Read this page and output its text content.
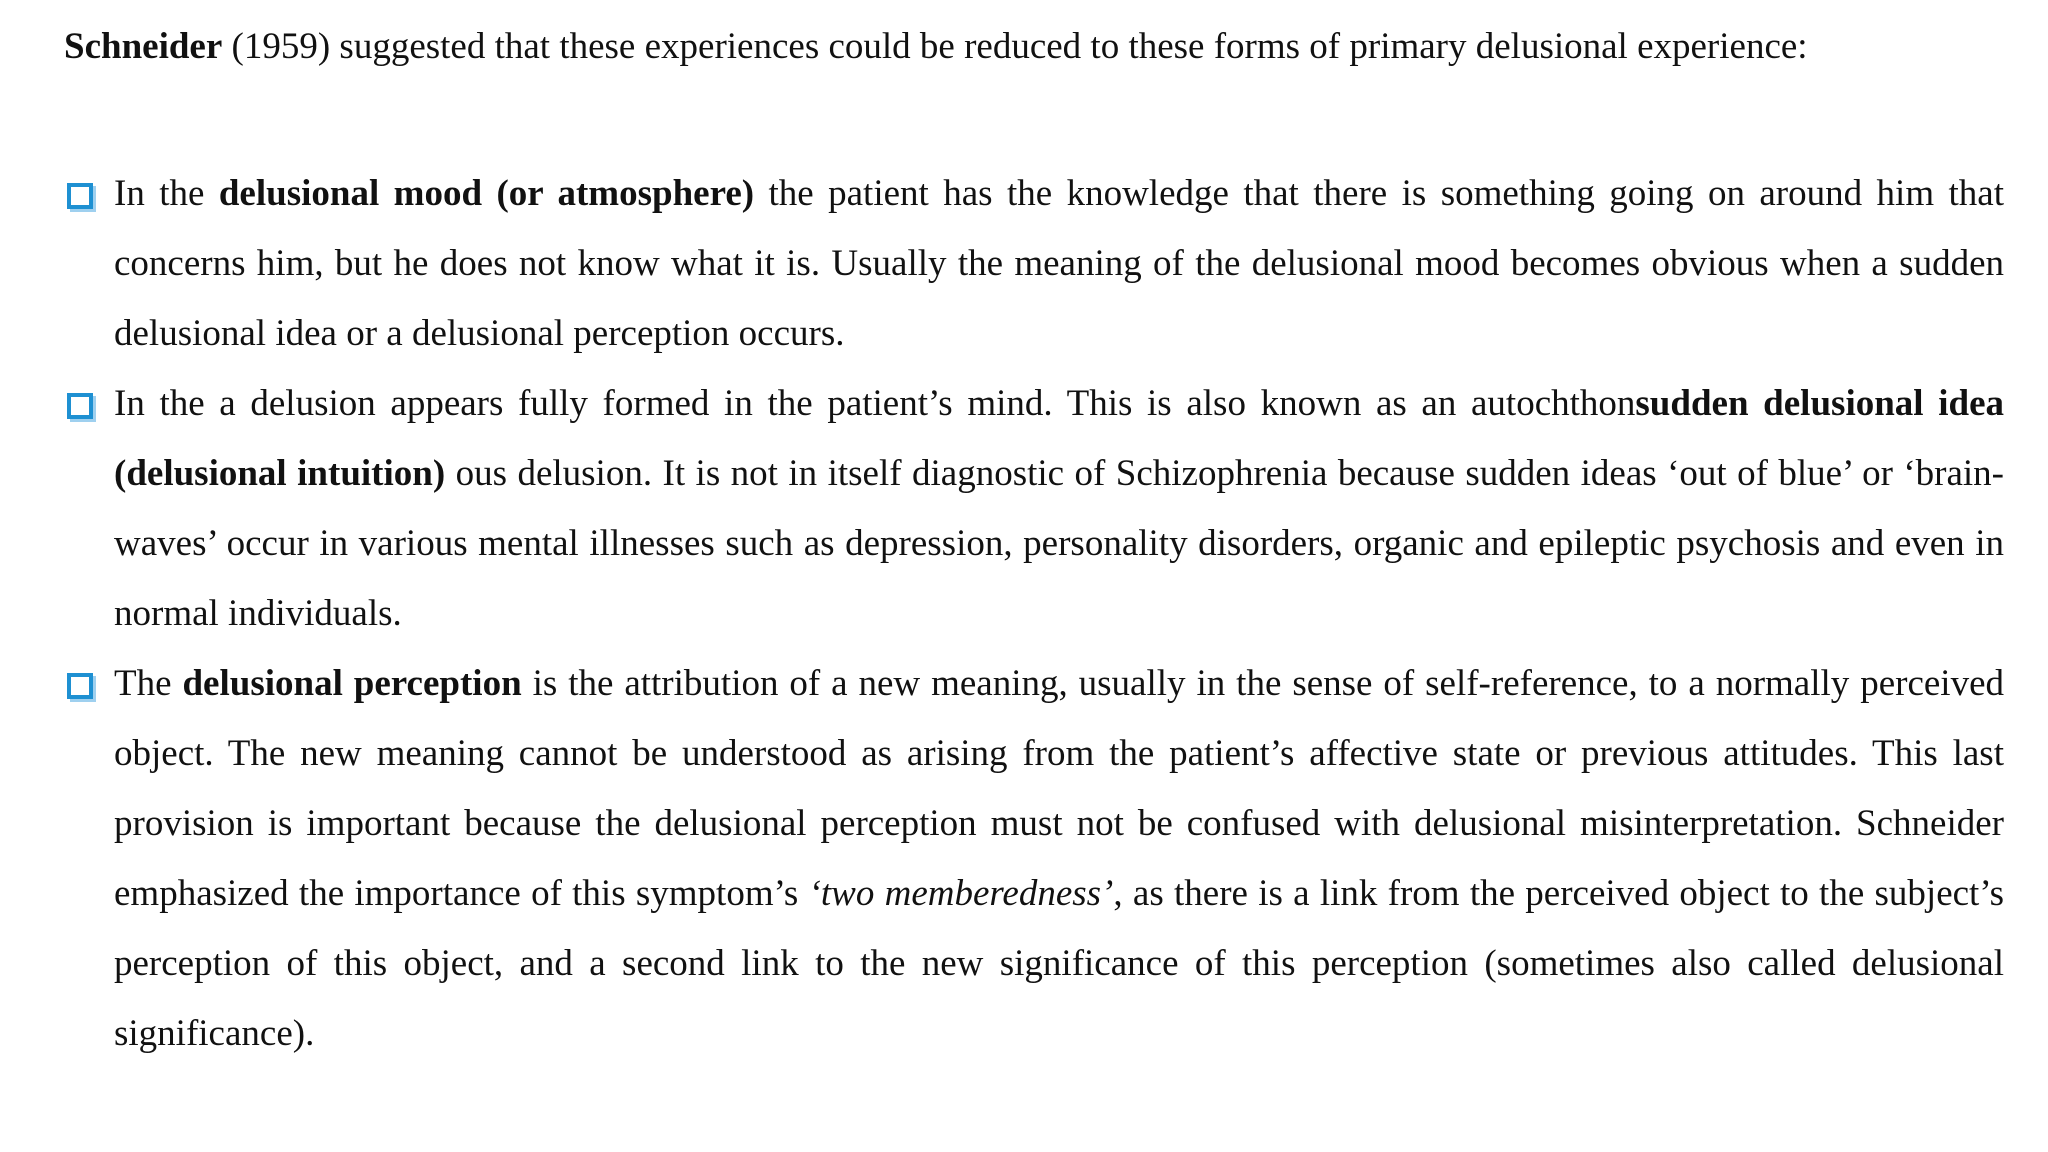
Schneider (1959) suggested that these experiences could be reduced to these forms of primary delusional experience:

In the delusional mood (or atmosphere) the patient has the knowledge that there is something going on around him that concerns him, but he does not know what it is. Usually the meaning of the delusional mood becomes obvious when a sudden delusional idea or a delusional perception occurs.
In the a delusion appears fully formed in the patient’s mind. This is also known as an autochthonsudden delusional idea (delusional intuition) ous delusion. It is not in itself diagnostic of Schizophrenia because sudden ideas ‘out of blue’ or ‘brain-waves’ occur in various mental illnesses such as depression, personality disorders, organic and epileptic psychosis and even in normal individuals.
The delusional perception is the attribution of a new meaning, usually in the sense of self-reference, to a normally perceived object. The new meaning cannot be understood as arising from the patient’s affective state or previous attitudes. This last provision is important because the delusional perception must not be confused with delusional misinterpretation. Schneider emphasized the importance of this symptom’s ‘two memberedness’, as there is a link from the perceived object to the subject’s perception of this object, and a second link to the new significance of this perception (sometimes also called delusional significance).
